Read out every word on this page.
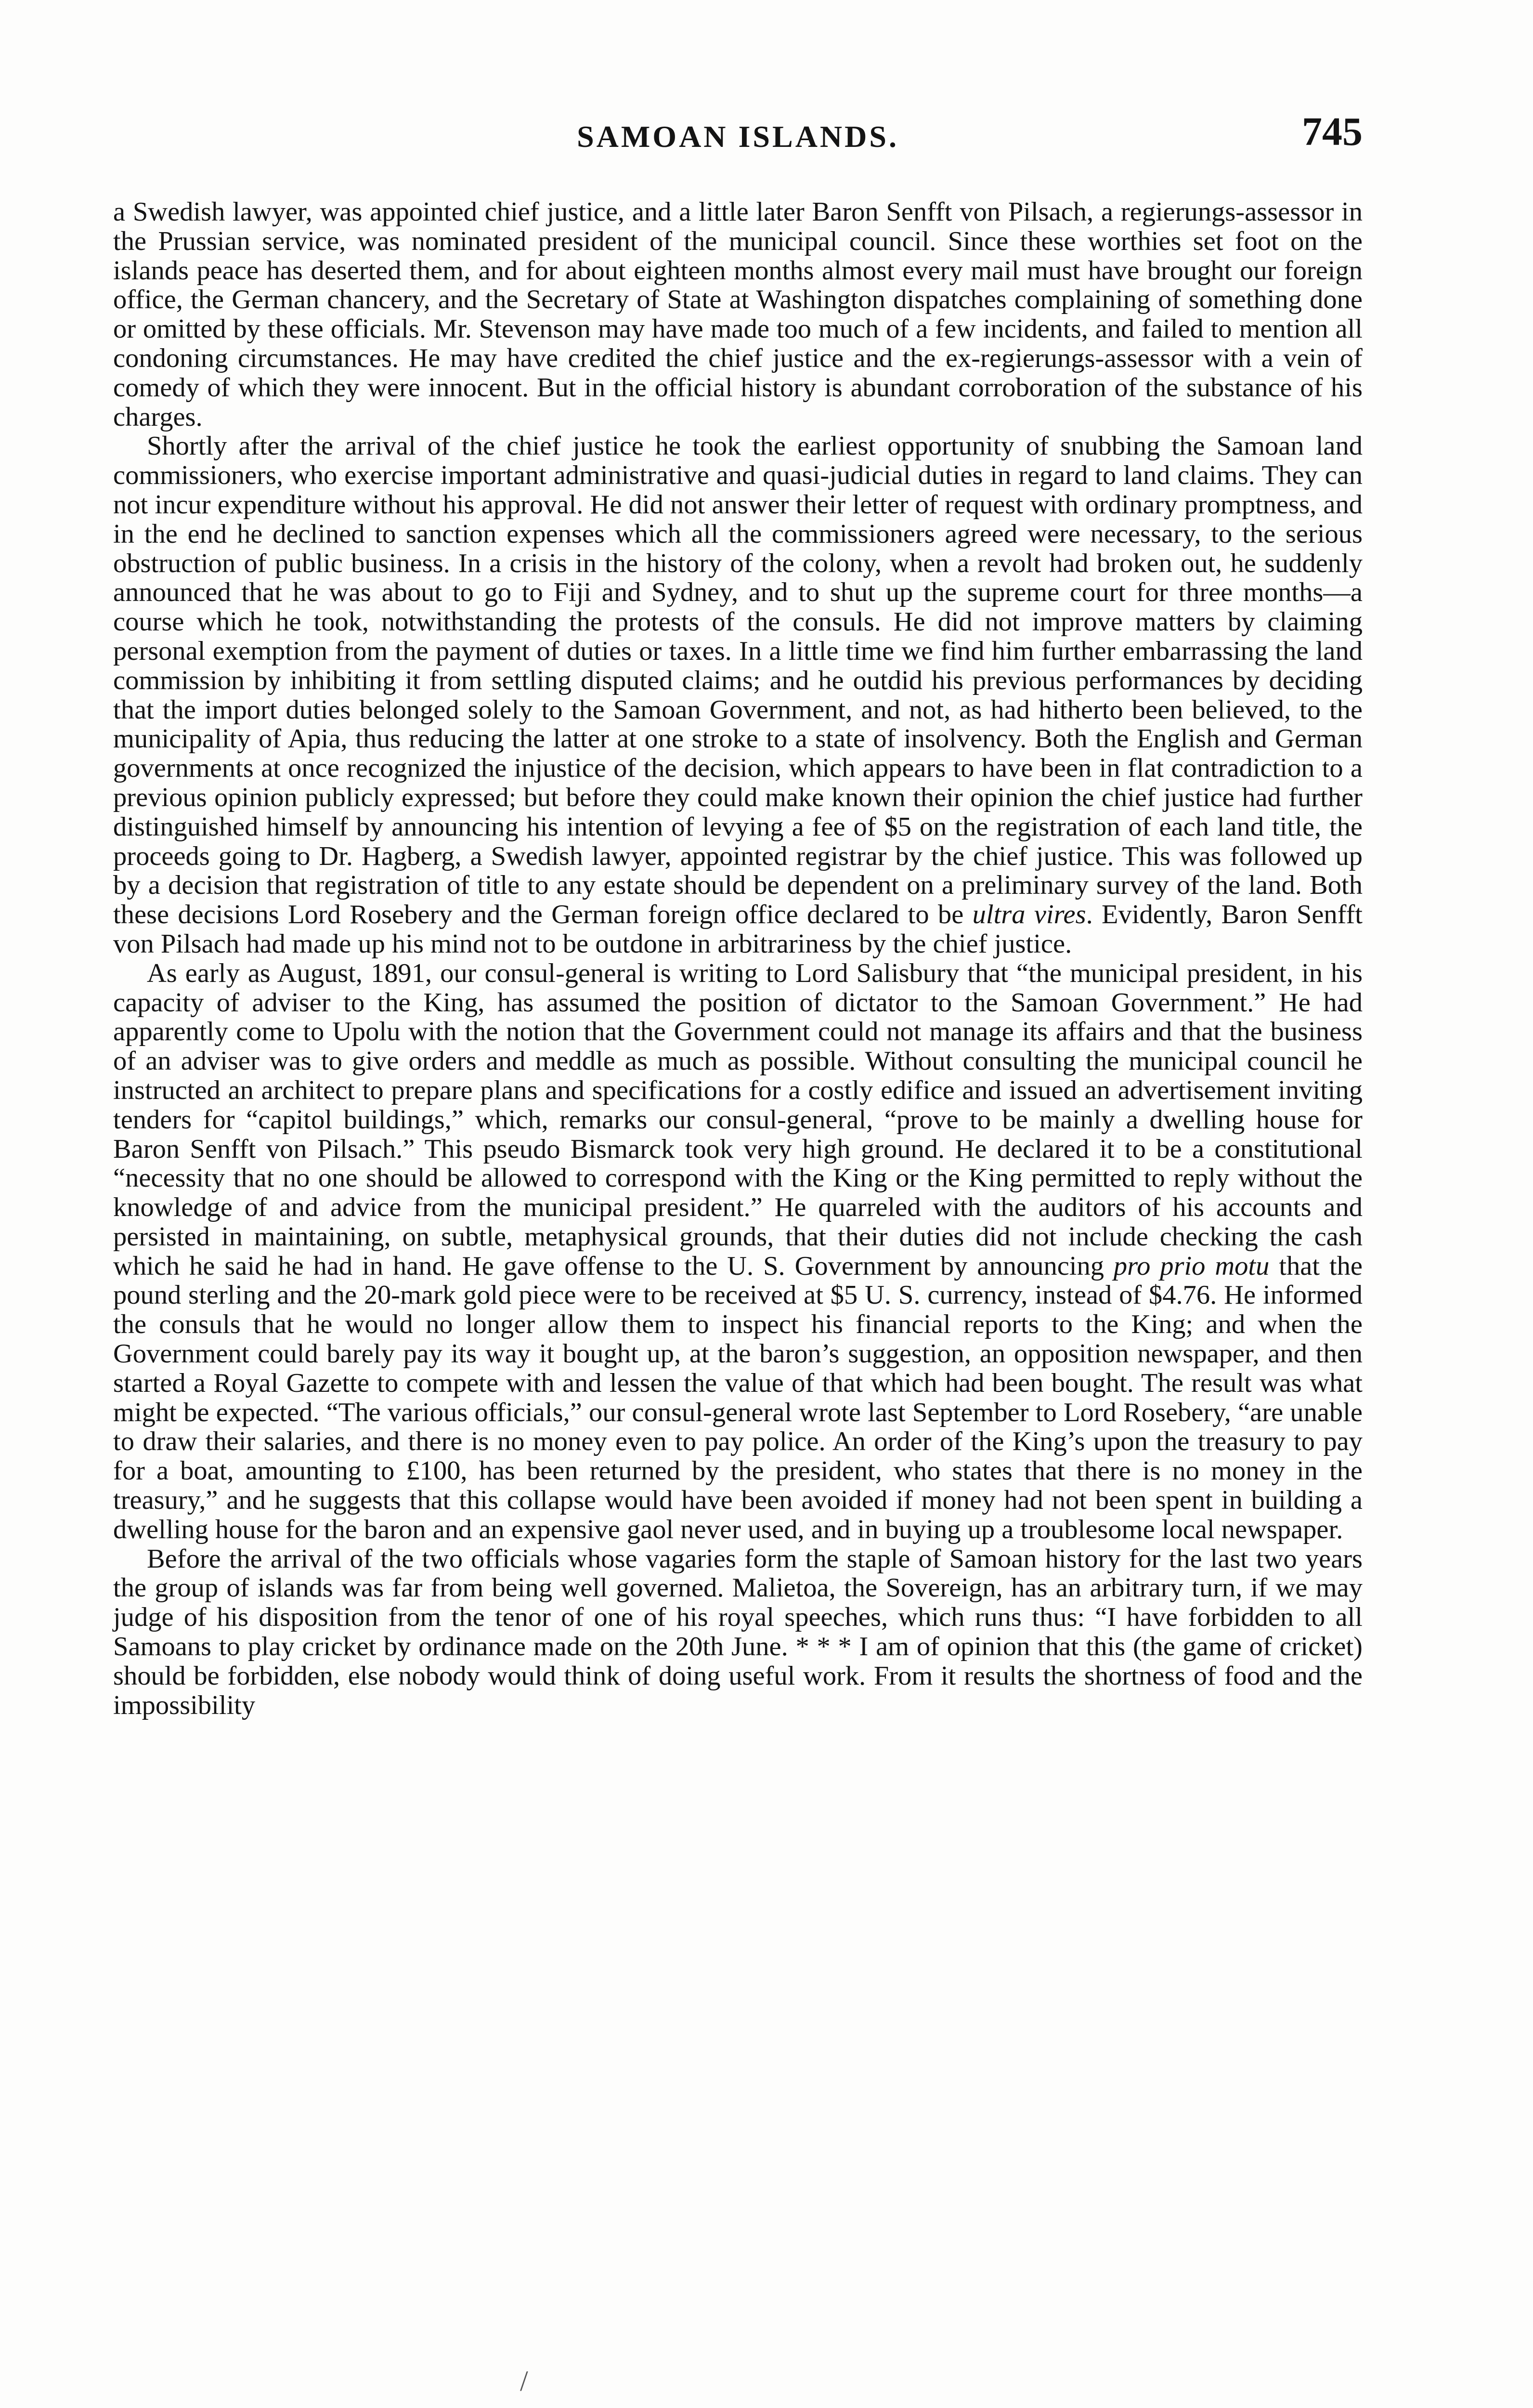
SAMOAN ISLANDS.	745

a Swedish lawyer, was appointed chief justice, and a little later Baron Senfft von Pilsach, a regierungs-assessor in the Prussian service, was nominated president of the municipal council. Since these worthies set foot on the islands peace has deserted them, and for about eighteen months almost every mail must have brought our foreign office, the German chancery, and the Secretary of State at Washington dispatches complaining of something done or omitted by these officials. Mr. Stevenson may have made too much of a few incidents, and failed to mention all condoning circumstances. He may have credited the chief justice and the ex-regierungs-assessor with a vein of comedy of which they were innocent. But in the official history is abundant corroboration of the substance of his charges.

Shortly after the arrival of the chief justice he took the earliest opportunity of snubbing the Samoan land commissioners, who exercise important administrative and quasi-judicial duties in regard to land claims. They can not incur expenditure without his approval. He did not answer their letter of request with ordinary promptness, and in the end he declined to sanction expenses which all the commissioners agreed were necessary, to the serious obstruction of public business. In a crisis in the history of the colony, when a revolt had broken out, he suddenly announced that he was about to go to Fiji and Sydney, and to shut up the supreme court for three months—a course which he took, notwithstanding the protests of the consuls. He did not improve matters by claiming personal exemption from the payment of duties or taxes. In a little time we find him further embarrassing the land commission by inhibiting it from settling disputed claims; and he outdid his previous performances by deciding that the import duties belonged solely to the Samoan Government, and not, as had hitherto been believed, to the municipality of Apia, thus reducing the latter at one stroke to a state of insolvency. Both the English and German governments at once recognized the injustice of the decision, which appears to have been in flat contradiction to a previous opinion publicly expressed; but before they could make known their opinion the chief justice had further distinguished himself by announcing his intention of levying a fee of $5 on the registration of each land title, the proceeds going to Dr. Hagberg, a Swedish lawyer, appointed registrar by the chief justice. This was followed up by a decision that registration of title to any estate should be dependent on a preliminary survey of the land. Both these decisions Lord Rosebery and the German foreign office declared to be ultra vires. Evidently, Baron Senfft von Pilsach had made up his mind not to be outdone in arbitrariness by the chief justice.

As early as August, 1891, our consul-general is writing to Lord Salisbury that “the municipal president, in his capacity of adviser to the King, has assumed the position of dictator to the Samoan Government.” He had apparently come to Upolu with the notion that the Government could not manage its affairs and that the business of an adviser was to give orders and meddle as much as possible. Without consulting the municipal council he instructed an architect to prepare plans and specifications for a costly edifice and issued an advertisement inviting tenders for “capitol buildings,” which, remarks our consul-general, “prove to be mainly a dwelling house for Baron Senfft von Pilsach.” This pseudo Bismarck took very high ground. He declared it to be a constitutional “necessity that no one should be allowed to correspond with the King or the King permitted to reply without the knowledge of and advice from the municipal president.” He quarreled with the auditors of his accounts and persisted in maintaining, on subtle, metaphysical grounds, that their duties did not include checking the cash which he said he had in hand. He gave offense to the U. S. Government by announcing pro prio motu that the pound sterling and the 20-mark gold piece were to be received at $5 U. S. currency, instead of $4.76. He informed the consuls that he would no longer allow them to inspect his financial reports to the King; and when the Government could barely pay its way it bought up, at the baron’s suggestion, an opposition newspaper, and then started a Royal Gazette to compete with and lessen the value of that which had been bought. The result was what might be expected. “The various officials,” our consul-general wrote last September to Lord Rosebery, “are unable to draw their salaries, and there is no money even to pay police. An order of the King’s upon the treasury to pay for a boat, amounting to £100, has been returned by the president, who states that there is no money in the treasury,” and he suggests that this collapse would have been avoided if money had not been spent in building a dwelling house for the baron and an expensive gaol never used, and in buying up a troublesome local newspaper.

Before the arrival of the two officials whose vagaries form the staple of Samoan history for the last two years the group of islands was far from being well governed. Malietoa, the Sovereign, has an arbitrary turn, if we may judge of his disposition from the tenor of one of his royal speeches, which runs thus: “I have forbidden to all Samoans to play cricket by ordinance made on the 20th June. * * * I am of opinion that this (the game of cricket) should be forbidden, else nobody would think of doing useful work. From it results the shortness of food and the impossibility

/
